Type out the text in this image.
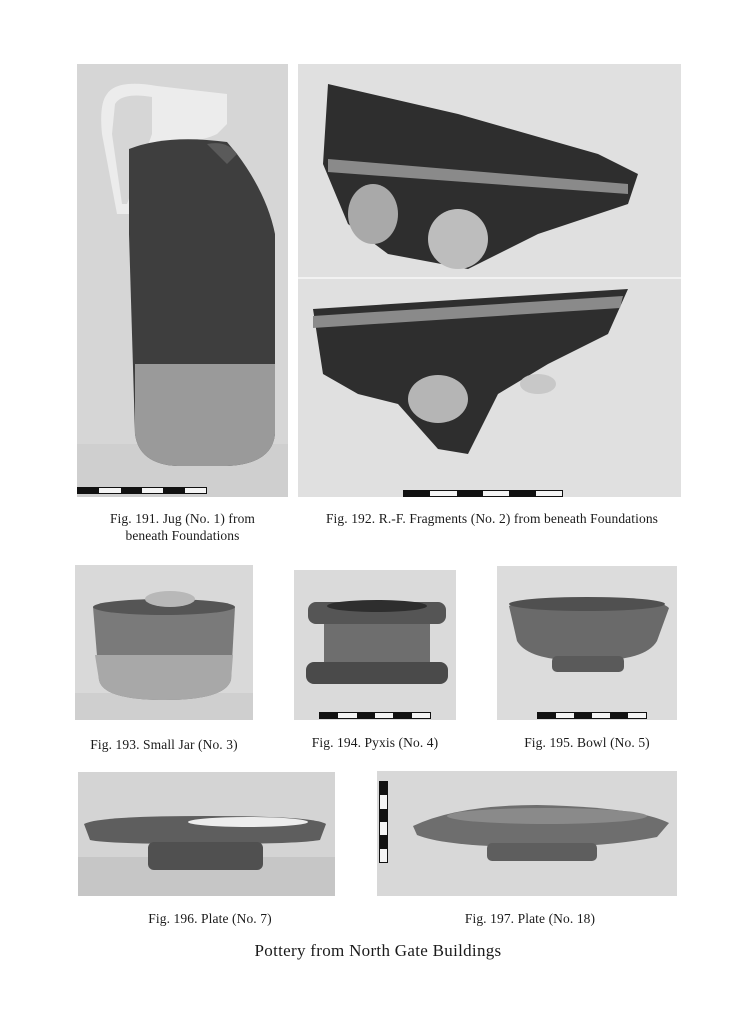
Fig. 191. Jug (No. 1) from
beneath Foundations
Fig. 192. R.-F. Fragments (No. 2) from beneath Foundations
Fig. 193. Small Jar (No. 3)	Fig. 194. Pyxis (No. 4)	Fig. 195. Bowl (No. 5)
Fig. 196. Plate (No. 7)	Fig. 197. Plate (No. 18)
Pottery from North Gate Buildings
